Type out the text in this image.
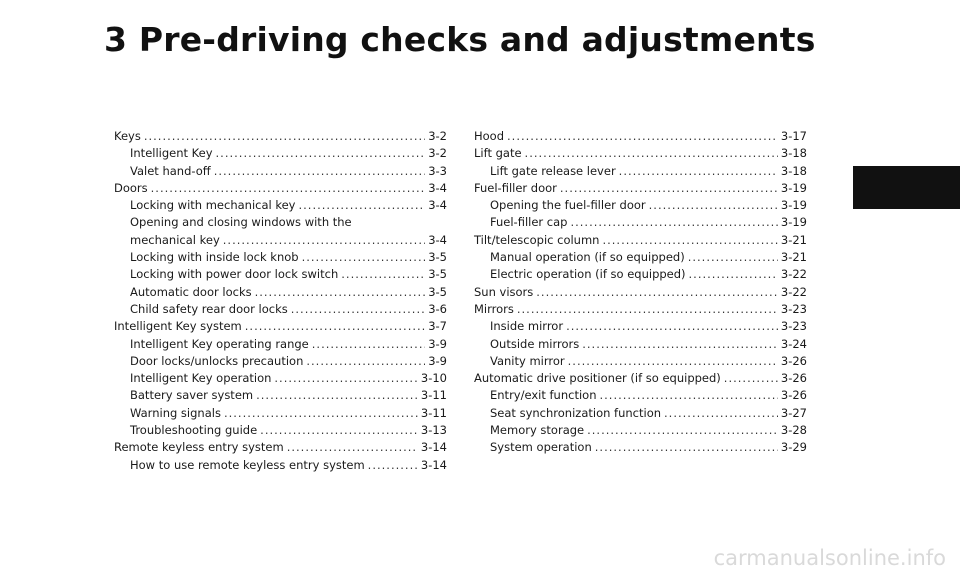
3 Pre-driving checks and adjustments
Keys .....	3-2
Intelligent Key .....	3-2
Valet hand-off .....	3-3
Doors .....	3-4
Locking with mechanical key .....	3-4
Opening and closing windows with the
mechanical key .....	3-4
Locking with inside lock knob .....	3-5
Locking with power door lock switch .....	3-5
Automatic door locks .....	3-5
Child safety rear door locks .....	3-6
Intelligent Key system .....	3-7
Intelligent Key operating range .....	3-9
Door locks/unlocks precaution .....	3-9
Intelligent Key operation .....	3-10
Battery saver system .....	3-11
Warning signals .....	3-11
Troubleshooting guide .....	3-13
Remote keyless entry system .....	3-14
How to use remote keyless entry system .....	3-14
Hood .....	3-17
Lift gate .....	3-18
Lift gate release lever .....	3-18
Fuel-filler door .....	3-19
Opening the fuel-filler door .....	3-19
Fuel-filler cap .....	3-19
Tilt/telescopic column .....	3-21
Manual operation (if so equipped) .....	3-21
Electric operation (if so equipped) .....	3-22
Sun visors .....	3-22
Mirrors .....	3-23
Inside mirror .....	3-23
Outside mirrors .....	3-24
Vanity mirror .....	3-26
Automatic drive positioner (if so equipped) .....	3-26
Entry/exit function .....	3-26
Seat synchronization function .....	3-27
Memory storage .....	3-28
System operation .....	3-29
carmanualsonline.info
